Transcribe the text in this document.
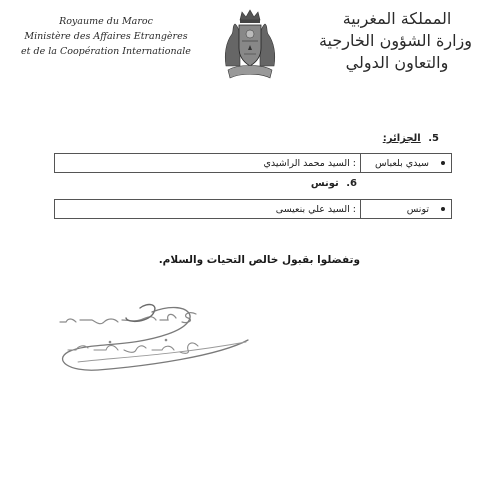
Royaume du Maroc
Ministère des Affaires Etrangères
et de la Coopération Internationale
المملكة المغربية
وزارة الشؤون الخارجية
والتعاون الدولي
5. الجزائر:
سيدي بلعباس
: السيد محمد الراشيدي
6. تونس
تونس
: السيد علي بنعيسى
وتفضلوا بقبول خالص التحيات والسلام.
